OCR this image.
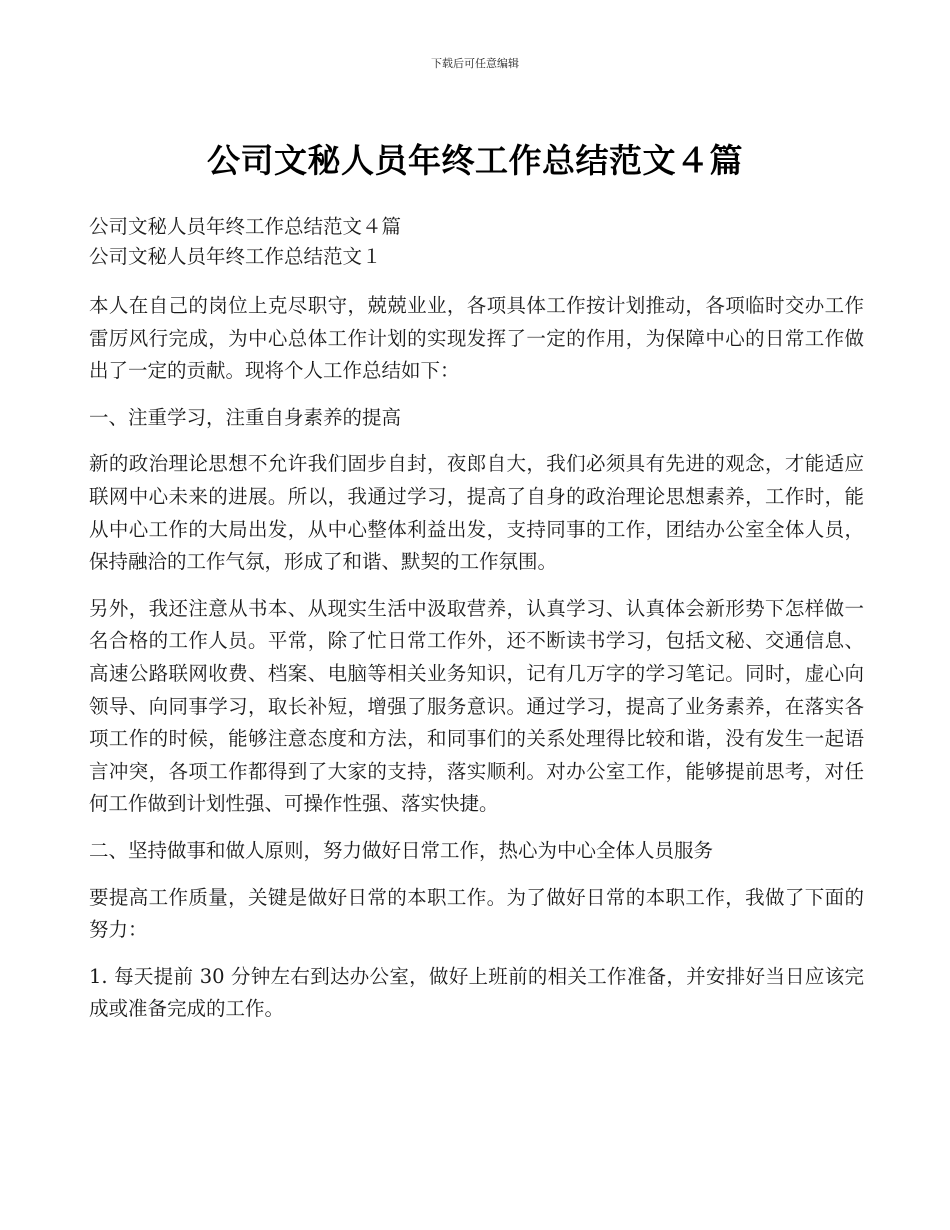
下载后可任意编辑
公司文秘人员年终工作总结范文４篇
公司文秘人员年终工作总结范文４篇
公司文秘人员年终工作总结范文１

本人在自己的岗位上克尽职守，兢兢业业，各项具体工作按计划推动，各项临时交办工作雷厉风行完成，为中心总体工作计划的实现发挥了一定的作用，为保障中心的日常工作做出了一定的贡献。现将个人工作总结如下：

一、注重学习，注重自身素养的提高

新的政治理论思想不允许我们固步自封，夜郎自大，我们必须具有先进的观念，才能适应联网中心未来的进展。所以，我通过学习，提高了自身的政治理论思想素养，工作时，能从中心工作的大局出发，从中心整体利益出发，支持同事的工作，团结办公室全体人员，保持融洽的工作气氛，形成了和谐、默契的工作氛围。

另外，我还注意从书本、从现实生活中汲取营养，认真学习、认真体会新形势下怎样做一名合格的工作人员。平常，除了忙日常工作外，还不断读书学习，包括文秘、交通信息、高速公路联网收费、档案、电脑等相关业务知识，记有几万字的学习笔记。同时，虚心向领导、向同事学习，取长补短，增强了服务意识。通过学习，提高了业务素养，在落实各项工作的时候，能够注意态度和方法，和同事们的关系处理得比较和谐，没有发生一起语言冲突，各项工作都得到了大家的支持，落实顺利。对办公室工作，能够提前思考，对任何工作做到计划性强、可操作性强、落实快捷。

二、坚持做事和做人原则，努力做好日常工作，热心为中心全体人员服务

要提高工作质量，关键是做好日常的本职工作。为了做好日常的本职工作，我做了下面的努力：

1. 每天提前 30 分钟左右到达办公室，做好上班前的相关工作准备，并安排好当日应该完成或准备完成的工作。
